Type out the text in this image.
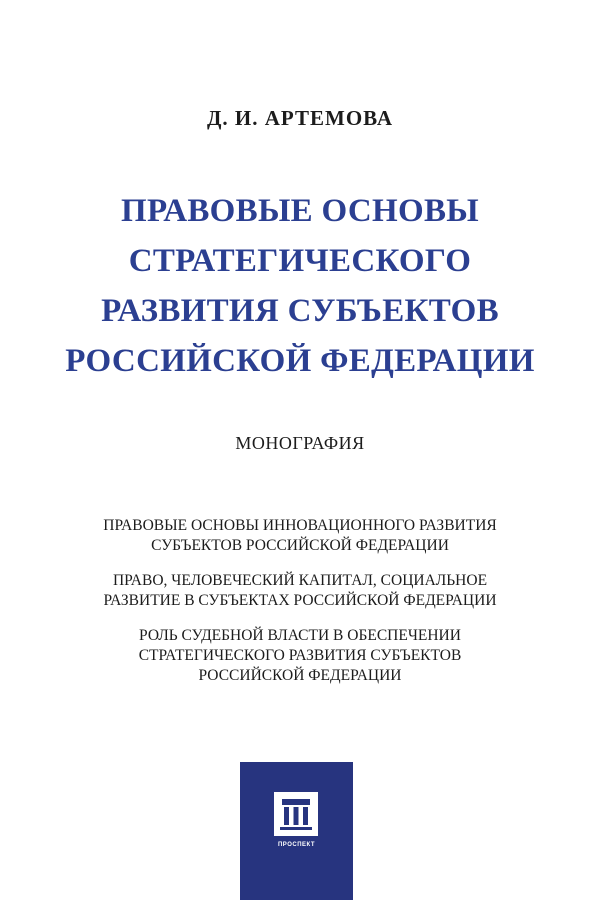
Д. И. АРТЕМОВА
ПРАВОВЫЕ ОСНОВЫ
СТРАТЕГИЧЕСКОГО
РАЗВИТИЯ СУБЪЕКТОВ
РОССИЙСКОЙ ФЕДЕРАЦИИ
МОНОГРАФИЯ
ПРАВОВЫЕ ОСНОВЫ ИННОВАЦИОННОГО РАЗВИТИЯ
СУБЪЕКТОВ РОССИЙСКОЙ ФЕДЕРАЦИИ
ПРАВО, ЧЕЛОВЕЧЕСКИЙ КАПИТАЛ, СОЦИАЛЬНОЕ
РАЗВИТИЕ В СУБЪЕКТАХ РОССИЙСКОЙ ФЕДЕРАЦИИ
РОЛЬ СУДЕБНОЙ ВЛАСТИ В ОБЕСПЕЧЕНИИ
СТРАТЕГИЧЕСКОГО РАЗВИТИЯ СУБЪЕКТОВ
РОССИЙСКОЙ ФЕДЕРАЦИИ
ПРОСПЕКТ
